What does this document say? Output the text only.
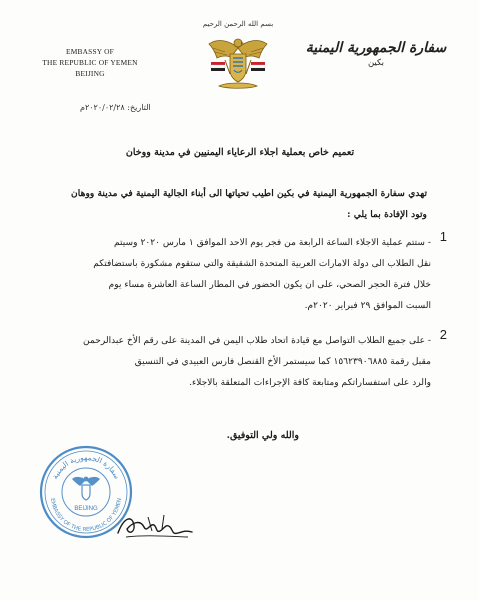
EMBASSY OF
THE REPUBLIC OF YEMEN
BEIJING
بسم الله الرحمن الرحيم
سفارة الجمهورية اليمنية
بكين
التاريخ: ٢٠٢٠/٠٢/٢٨م
تعميم خاص بعملية اجلاء الرعاياء اليمنيين في مدينة ووخان
تهدي سفارة الجمهورية اليمنية في بكين اطيب تحياتها الى أبناء الجالية اليمنية في مدينة ووهان
وتود الإفادة بما يلي :
1
- ستتم عملية الاجلاء الساعة الرابعة من فجر يوم الاحد الموافق ١ مارس ٢٠٢٠ وسيتم
نقل الطلاب الى دولة الامارات العربية المتحدة الشقيقة والتي ستقوم مشكورة باستضافتكم
خلال فترة الحجر الصحي، على ان يكون الحضور في المطار الساعة العاشرة مساء يوم
السبت الموافق ٢٩ فبراير ٢٠٢٠م.
2
- على جميع الطلاب التواصل مع قيادة اتحاد طلاب اليمن في المدينة على رقم الأخ عبدالرحمن
مقبل رقمة ١٥٦٢٣٩٠٦٨٨٥ كما سيستمر الأخ القنصل فارس العبيدي في التنسيق
والرد على استفساراتكم ومتابعة كافة الإجراءات المتعلقة بالاجلاء.
والله ولي التوفيق.
سفارة الجمهورية اليمنية
EMBASSY OF THE REPUBLIC OF YEMEN
BEIJING
